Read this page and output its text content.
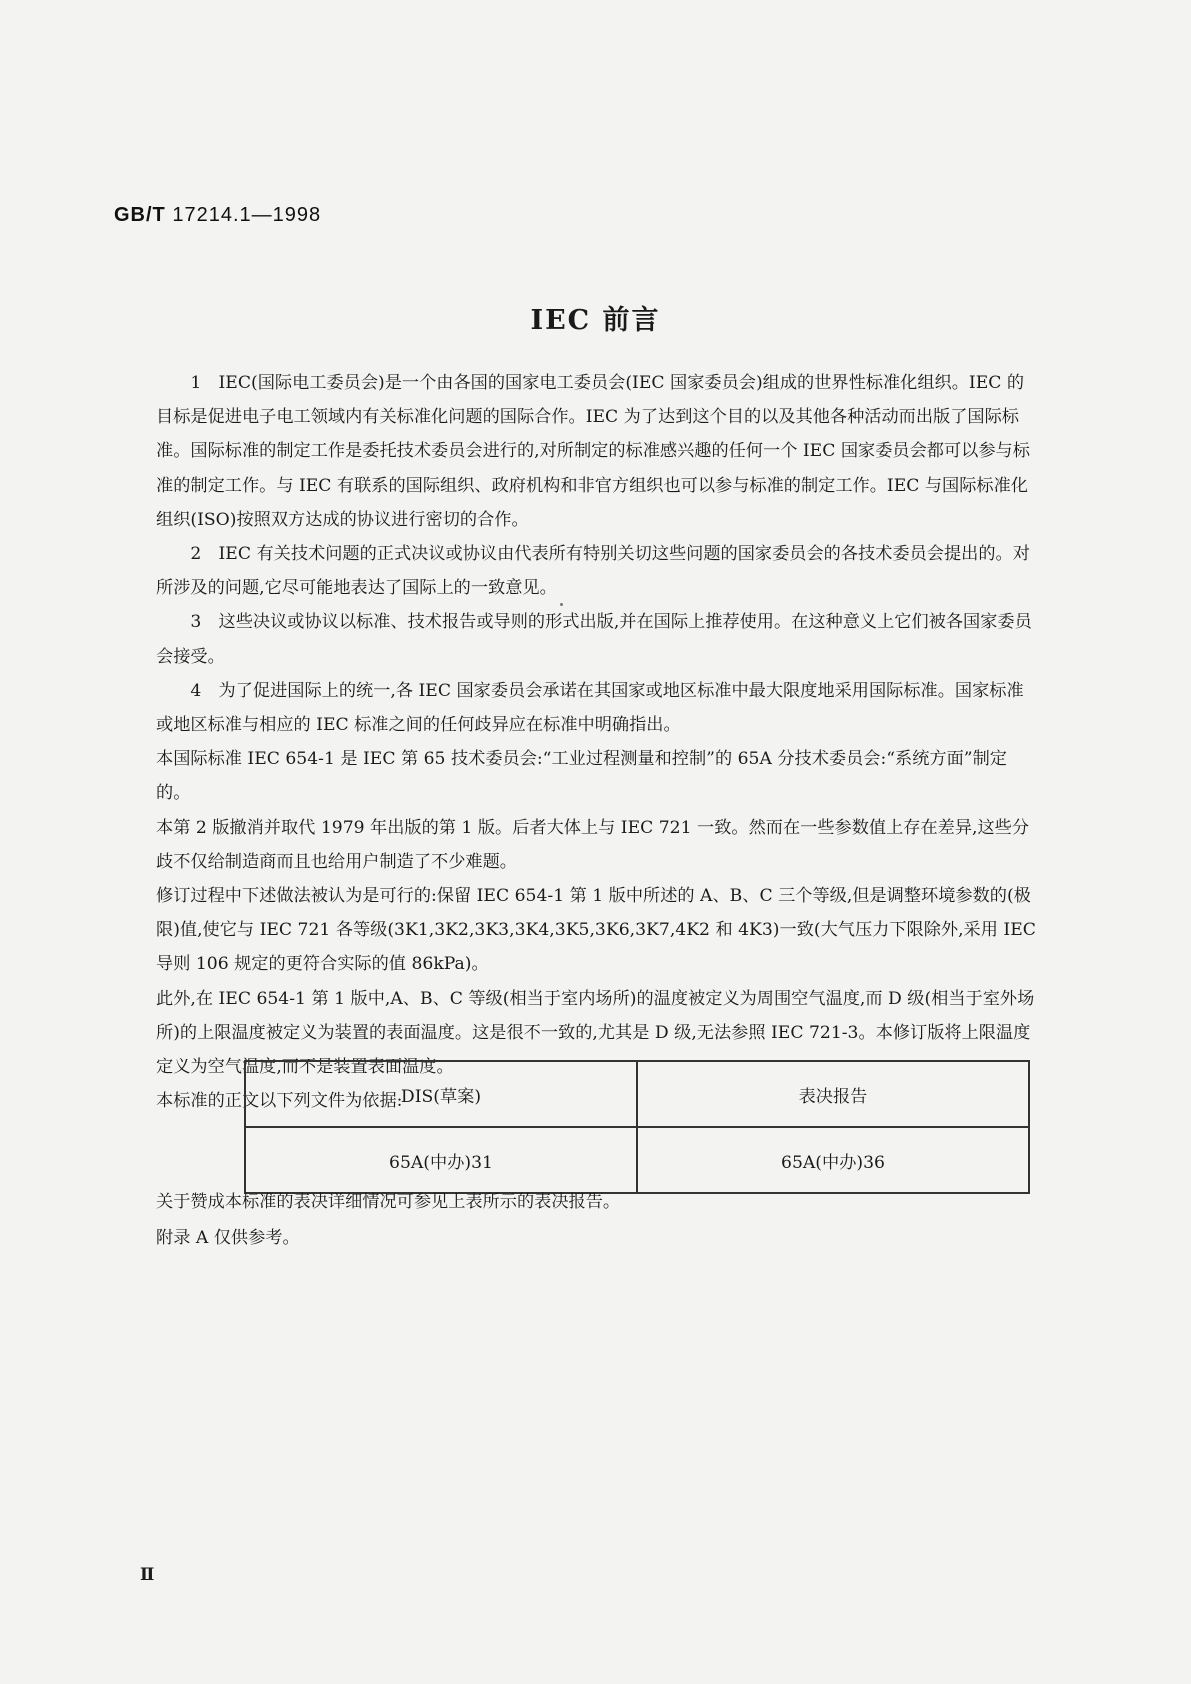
GB/T 17214.1—1998
IEC 前言

1　IEC(国际电工委员会)是一个由各国的国家电工委员会(IEC 国家委员会)组成的世界性标准化组织。IEC 的目标是促进电子电工领域内有关标准化问题的国际合作。IEC 为了达到这个目的以及其他各种活动而出版了国际标准。国际标准的制定工作是委托技术委员会进行的,对所制定的标准感兴趣的任何一个 IEC 国家委员会都可以参与标准的制定工作。与 IEC 有联系的国际组织、政府机构和非官方组织也可以参与标准的制定工作。IEC 与国际标准化组织(ISO)按照双方达成的协议进行密切的合作。

2　IEC 有关技术问题的正式决议或协议由代表所有特别关切这些问题的国家委员会的各技术委员会提出的。对所涉及的问题,它尽可能地表达了国际上的一致意见。

3　这些决议或协议以标准、技术报告或导则的形式出版,并在国际上推荐使用。在这种意义上它们被各国家委员会接受。

4　为了促进国际上的统一,各 IEC 国家委员会承诺在其国家或地区标准中最大限度地采用国际标准。国家标准或地区标准与相应的 IEC 标准之间的任何歧异应在标准中明确指出。

本国际标准 IEC 654-1 是 IEC 第 65 技术委员会:“工业过程测量和控制”的 65A 分技术委员会:“系统方面”制定的。

本第 2 版撤消并取代 1979 年出版的第 1 版。后者大体上与 IEC 721 一致。然而在一些参数值上存在差异,这些分歧不仅给制造商而且也给用户制造了不少难题。

修订过程中下述做法被认为是可行的:保留 IEC 654-1 第 1 版中所述的 A、B、C 三个等级,但是调整环境参数的(极限)值,使它与 IEC 721 各等级(3K1,3K2,3K3,3K4,3K5,3K6,3K7,4K2 和 4K3)一致(大气压力下限除外,采用 IEC 导则 106 规定的更符合实际的值 86kPa)。

此外,在 IEC 654-1 第 1 版中,A、B、C 等级(相当于室内场所)的温度被定义为周围空气温度,而 D 级(相当于室外场所)的上限温度被定义为装置的表面温度。这是很不一致的,尤其是 D 级,无法参照 IEC 721-3。本修订版将上限温度定义为空气温度,而不是装置表面温度。

本标准的正文以下列文件为依据:

DIS(草案)	表决报告
65A(中办)31	65A(中办)36

关于赞成本标准的表决详细情况可参见上表所示的表决报告。

附录 A 仅供参考。

Ⅱ
